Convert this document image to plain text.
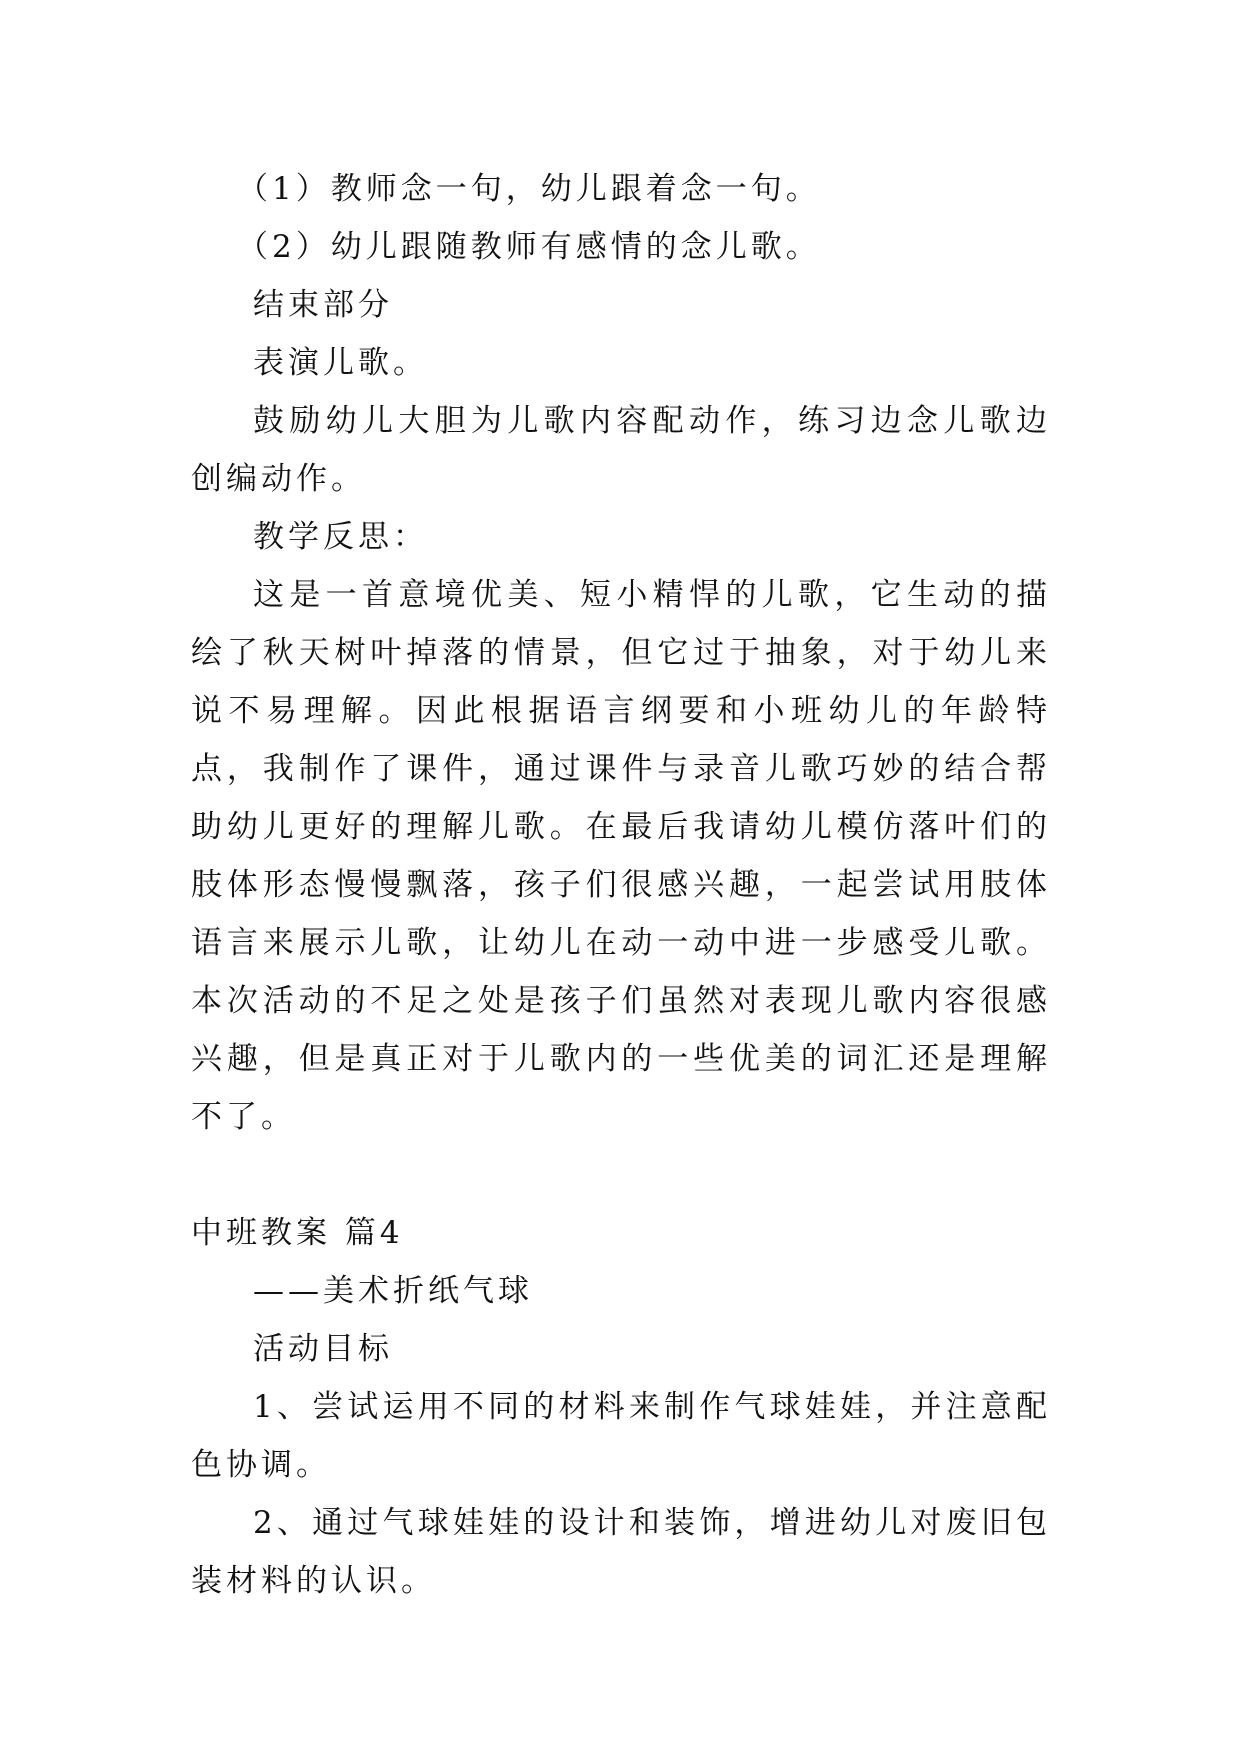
（1）教师念一句，幼儿跟着念一句。

（2）幼儿跟随教师有感情的念儿歌。

结束部分

表演儿歌。

鼓励幼儿大胆为儿歌内容配动作，练习边念儿歌边创编动作。

教学反思：

这是一首意境优美、短小精悍的儿歌，它生动的描绘了秋天树叶掉落的情景，但它过于抽象，对于幼儿来说不易理解。因此根据语言纲要和小班幼儿的年龄特点，我制作了课件，通过课件与录音儿歌巧妙的结合帮助幼儿更好的理解儿歌。在最后我请幼儿模仿落叶们的肢体形态慢慢飘落，孩子们很感兴趣，一起尝试用肢体语言来展示儿歌，让幼儿在动一动中进一步感受儿歌。本次活动的不足之处是孩子们虽然对表现儿歌内容很感兴趣，但是真正对于儿歌内的一些优美的词汇还是理解不了。

中班教案 篇4

——美术折纸气球

活动目标

1、尝试运用不同的材料来制作气球娃娃，并注意配色协调。

2、通过气球娃娃的设计和装饰，增进幼儿对废旧包装材料的认识。
